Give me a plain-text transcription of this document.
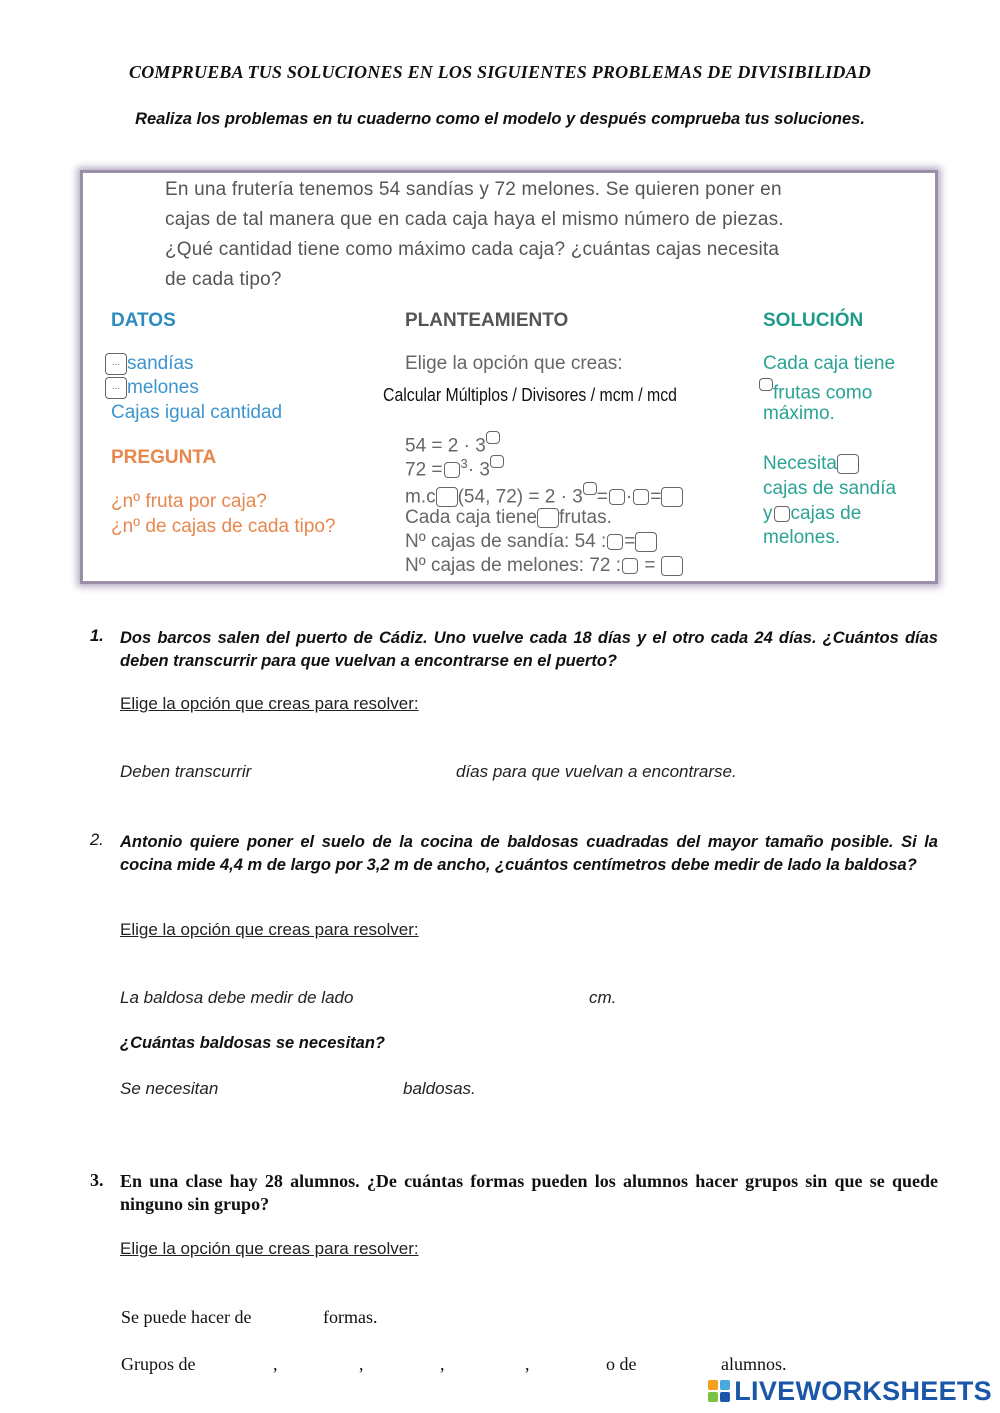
COMPRUEBA TUS SOLUCIONES EN LOS SIGUIENTES PROBLEMAS DE DIVISIBILIDAD
Realiza los problemas en tu cuaderno como el modelo y después comprueba tus soluciones.
En una frutería tenemos 54 sandías y 72 melones. Se quieren poner en
cajas de tal manera que en cada caja haya el mismo número de piezas.
¿Qué cantidad tiene como máximo cada caja? ¿cuántas cajas necesita
de cada tipo?
DATOS
... sandías
... melones
Cajas igual cantidad
PREGUNTA
¿nº fruta por caja?
¿nº de cajas de cada tipo?
PLANTEAMIENTO
Elige la opción que creas:
Calcular Múltiplos / Divisores / mcm / mcd
54 = 2 · 3
72 = $^3$· 3
m.c (54, 72) = 2 · 3 = · =
Cada caja tiene frutas.
Nº cajas de sandía: 54 : =
Nº cajas de melones: 72 : =
SOLUCIÓN
Cada caja tiene
frutas como
máximo.
Necesita
cajas de sandía
y cajas de
melones.
1. Dos barcos salen del puerto de Cádiz. Uno vuelve cada 18 días y el otro cada 24 días. ¿Cuántos días deben transcurrir para que vuelvan a encontrarse en el puerto?
Elige la opción que creas para resolver:
Deben transcurrir	días para que vuelvan a encontrarse.
2. Antonio quiere poner el suelo de la cocina de baldosas cuadradas del mayor tamaño posible. Si la cocina mide 4,4 m de largo por 3,2 m de ancho, ¿cuántos centímetros debe medir de lado la baldosa?
Elige la opción que creas para resolver:
La baldosa debe medir de lado	cm.
¿Cuántas baldosas se necesitan?
Se necesitan	baldosas.
3. En una clase hay 28 alumnos. ¿De cuántas formas pueden los alumnos hacer grupos sin que se quede ninguno sin grupo?
Elige la opción que creas para resolver:
Se puede hacer de	formas.
Grupos de	,	,	,	,	o de	alumnos.
LIVEWORKSHEETS
